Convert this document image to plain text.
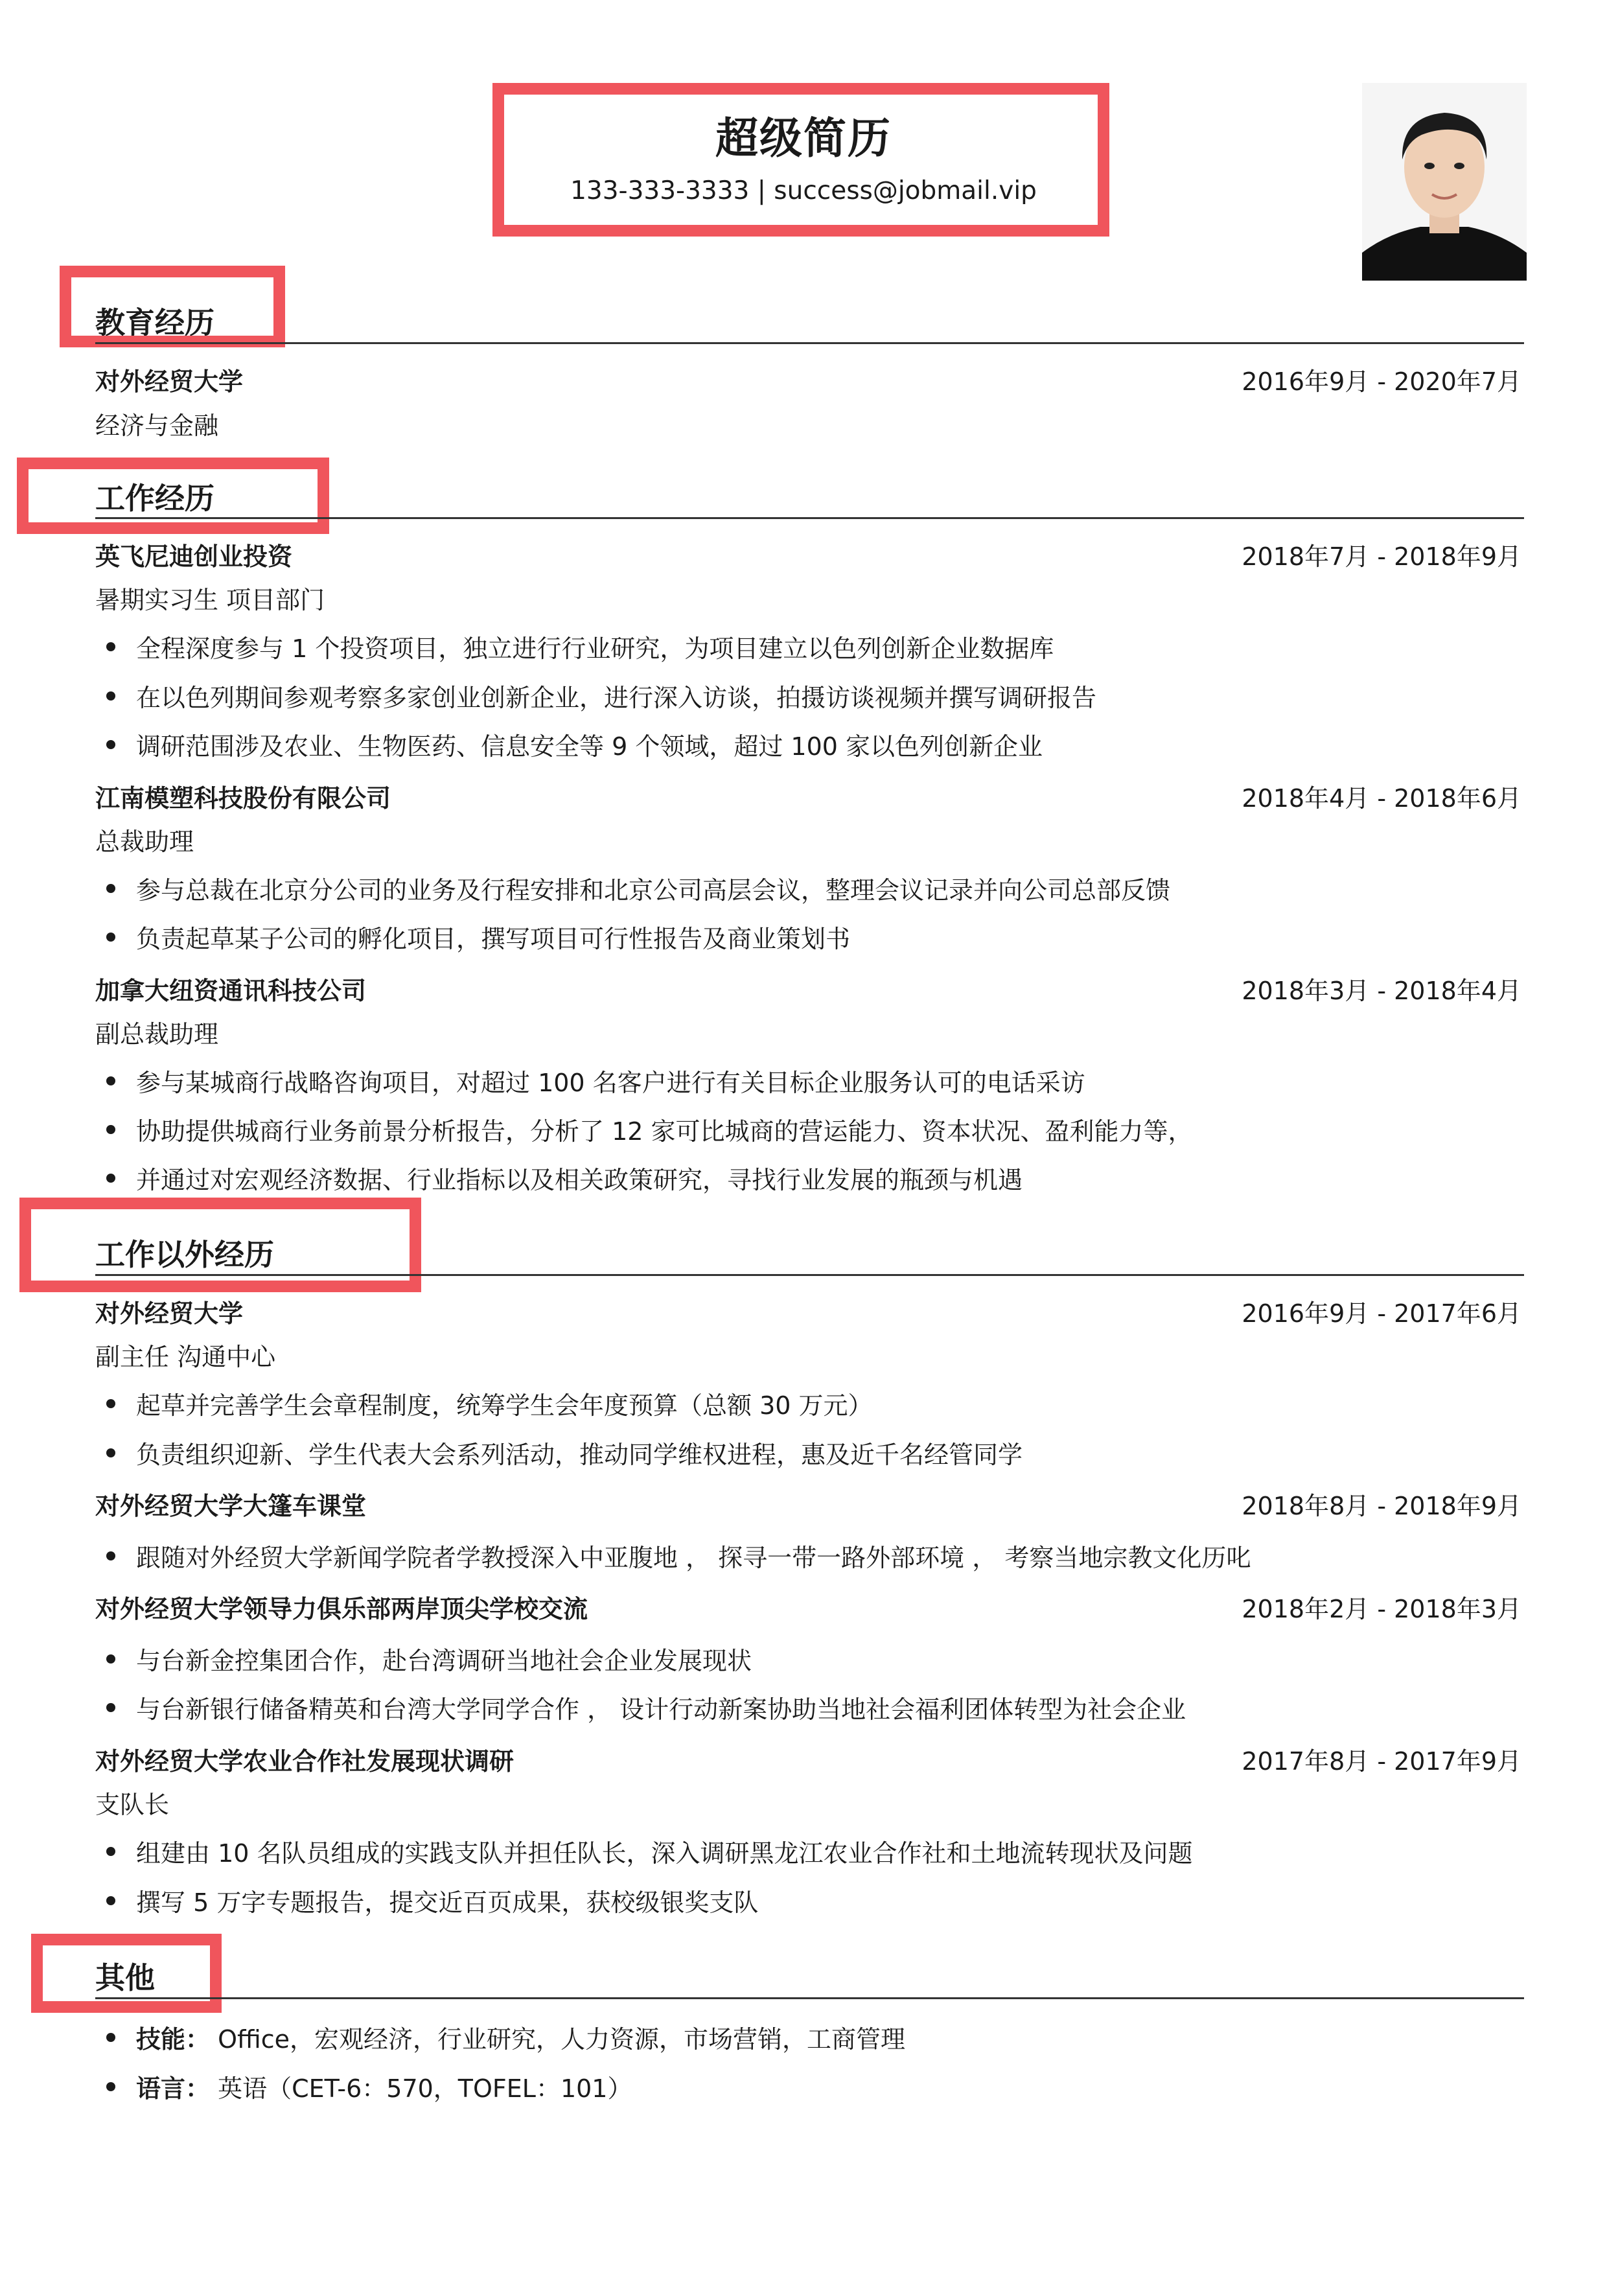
超级简历
133-333-3333 | success@jobmail.vip
教育经历
对外经贸大学	2016年9月 - 2020年7月
经济与金融
工作经历
英飞尼迪创业投资	2018年7月 - 2018年9月
暑期实习生 项目部门
全程深度参与 1 个投资项目，独立进行行业研究，为项目建立以色列创新企业数据库
在以色列期间参观考察多家创业创新企业，进行深入访谈，拍摄访谈视频并撰写调研报告
调研范围涉及农业、生物医药、信息安全等 9 个领域，超过 100 家以色列创新企业
江南模塑科技股份有限公司	2018年4月 - 2018年6月
总裁助理
参与总裁在北京分公司的业务及行程安排和北京公司高层会议，整理会议记录并向公司总部反馈
负责起草某子公司的孵化项目，撰写项目可行性报告及商业策划书
加拿大纽资通讯科技公司	2018年3月 - 2018年4月
副总裁助理
参与某城商行战略咨询项目，对超过 100 名客户进行有关目标企业服务认可的电话采访
协助提供城商行业务前景分析报告，分析了 12 家可比城商的营运能力、资本状况、盈利能力等，
并通过对宏观经济数据、行业指标以及相关政策研究，寻找行业发展的瓶颈与机遇
工作以外经历
对外经贸大学	2016年9月 - 2017年6月
副主任 沟通中心
起草并完善学生会章程制度，统筹学生会年度预算（总额 30 万元）
负责组织迎新、学生代表大会系列活动，推动同学维权进程，惠及近千名经管同学
对外经贸大学大篷车课堂	2018年8月 - 2018年9月
跟随对外经贸大学新闻学院者学教授深入中亚腹地 ， 探寻一带一路外部环境 ， 考察当地宗教文化历叱
对外经贸大学领导力俱乐部两岸顶尖学校交流	2018年2月 - 2018年3月
与台新金控集团合作，赴台湾调研当地社会企业发展现状
与台新银行储备精英和台湾大学同学合作 ， 设计行动新案协助当地社会福利团体转型为社会企业
对外经贸大学农业合作社发展现状调研	2017年8月 - 2017年9月
支队长
组建由 10 名队员组成的实践支队并担任队长，深入调研黑龙江农业合作社和土地流转现状及问题
撰写 5 万字专题报告，提交近百页成果，获校级银奖支队
其他
技能： Office，宏观经济，行业研究，人力资源，市场营销，工商管理
语言： 英语（CET-6：570，TOFEL：101）
